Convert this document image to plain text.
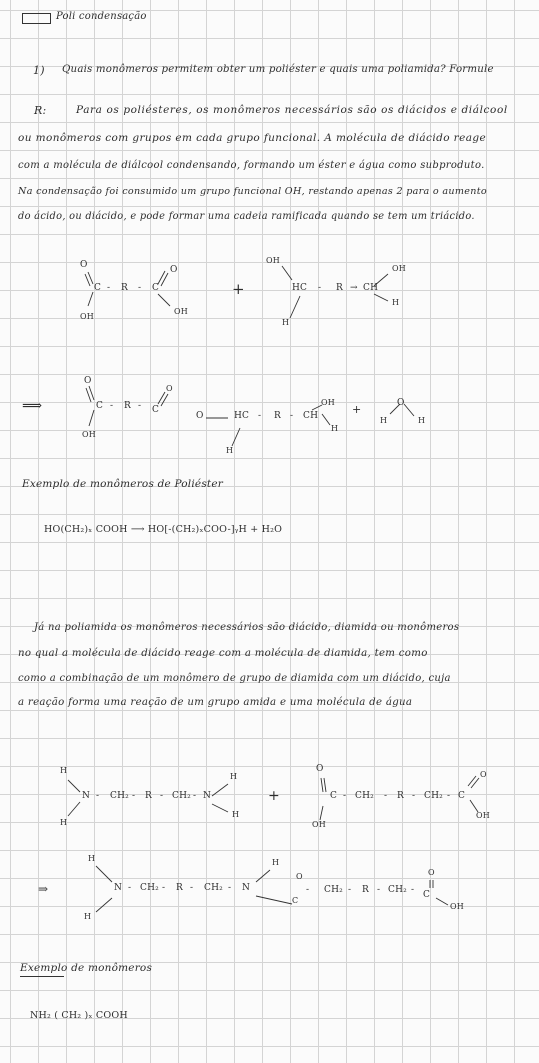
Poli condensação
1) Quais monômeros permitem obter um poliéster e quais uma poliamida? Formule
R:	Para os poliésteres, os monômeros necessários são os diácidos e diálcool
ou monômeros com grupos em cada grupo funcional. A molécula de diácido reage
com a molécula de diálcool condensando, formando um éster e água como subproduto.
Na condensação foi consumido um grupo funcional OH, restando apenas 2 para o aumento
do ácido, ou diácido, e pode formar uma cadeia ramificada quando se tem um triácido.
O
C - R - C
O
OH
OH
+
OH
HC - R → CH
OH
H
H
⟹
O
C - R - C
O
O	HC - R - CH
OH
H
OH
H
+
H
O
H
Exemplo de monômeros de Poliéster
HO(CH₂)ₓ COOH ⟶ HO[-(CH₂)ₓCOO-]ᵧH + H₂O
Já na poliamida os monômeros necessários são diácido, diamida ou monômeros
no qual a molécula de diácido reage com a molécula de diamida, tem como
como a combinação de um monômero de grupo de diamida com um diácido, cuja
a reação forma uma reação de um grupo amida e uma molécula de água
H
N - CH₂ - R - CH₂ - N
H
H
H
+
O
C - CH₂ - R - CH₂ - C
O
OH
OH
⇒
H
N - CH₂ - R - CH₂ - N
H
O
C
- CH₂ - R - CH₂ - C
O
OH
H
Exemplo de monômeros
NH₂ ( CH₂ )ₓ COOH
